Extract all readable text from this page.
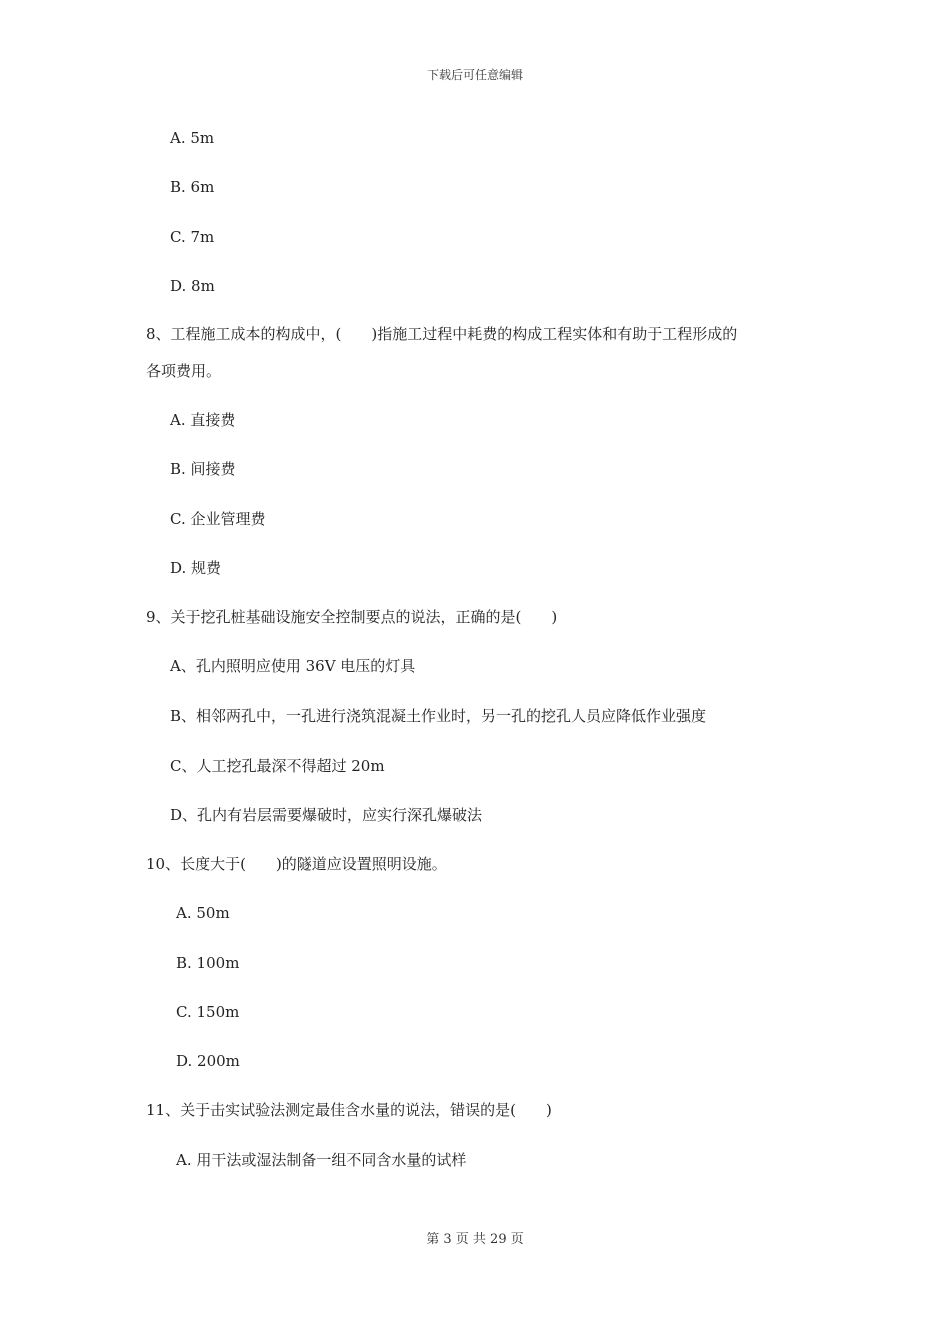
下载后可任意编辑
A. 5m
B. 6m
C. 7m
D. 8m
8、工程施工成本的构成中，(　　)指施工过程中耗费的构成工程实体和有助于工程形成的
各项费用。
A. 直接费
B. 间接费
C. 企业管理费
D. 规费
9、关于挖孔桩基础设施安全控制要点的说法，正确的是(　　)
A、孔内照明应使用 36V 电压的灯具
B、相邻两孔中，一孔进行浇筑混凝土作业时，另一孔的挖孔人员应降低作业强度
C、人工挖孔最深不得超过 20m
D、孔内有岩层需要爆破时，应实行深孔爆破法
10、长度大于(　　)的隧道应设置照明设施。
A. 50m
B. 100m
C. 150m
D. 200m
11、关于击实试验法测定最佳含水量的说法，错误的是(　　)
A. 用干法或湿法制备一组不同含水量的试样
第 3 页 共 29 页
